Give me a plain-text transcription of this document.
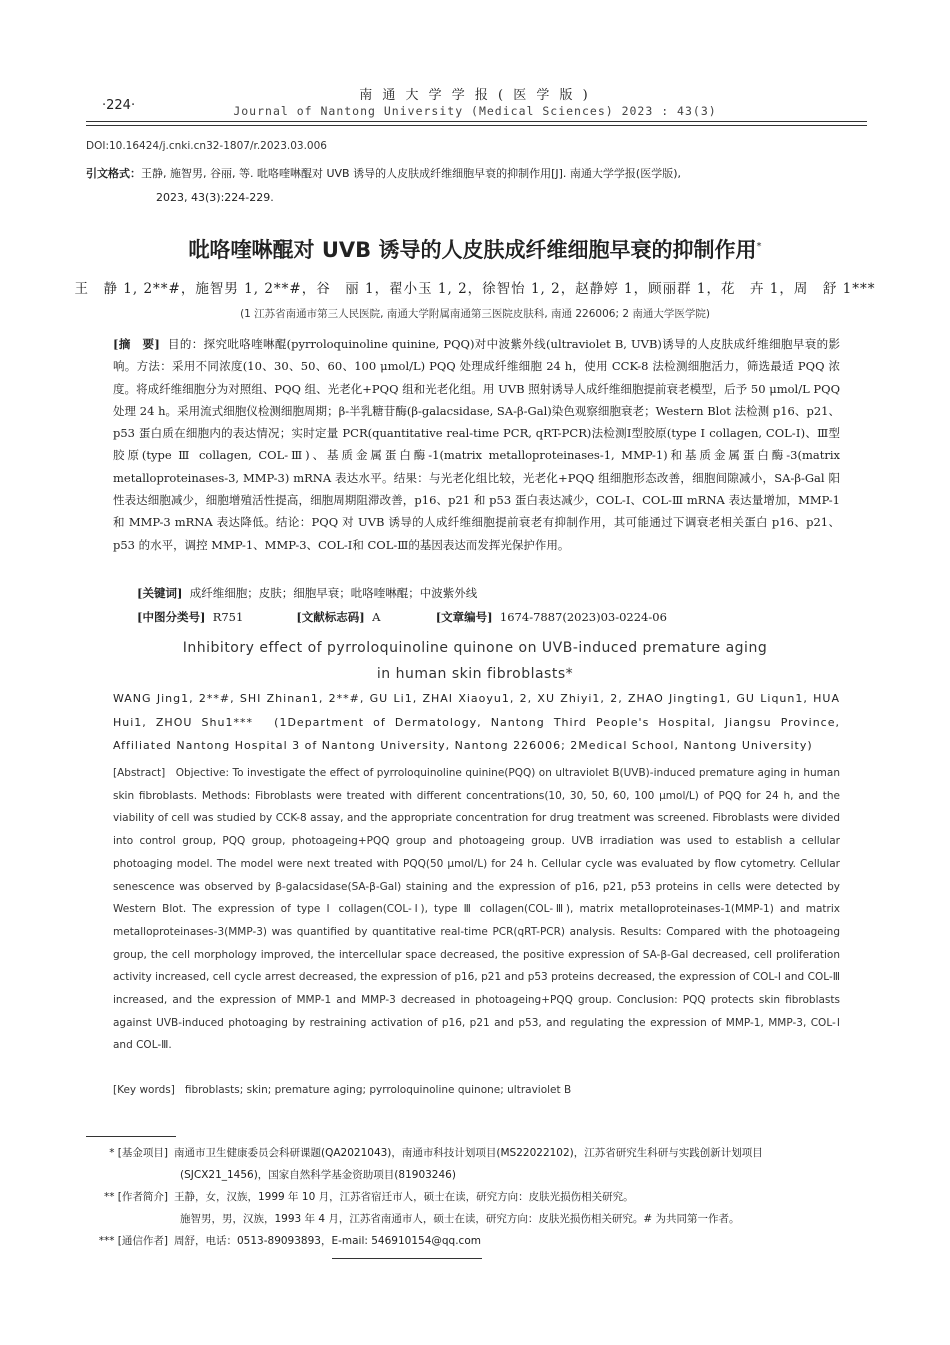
南 通 大 学 学 报 ( 医 学 版 )
·224·	Journal of Nantong University (Medical Sciences) 2023 : 43(3)
DOI:10.16424/j.cnki.cn32-1807/r.2023.03.006
引文格式：王静, 施智男, 谷丽, 等. 吡咯喹啉醌对 UVB 诱导的人皮肤成纤维细胞早衰的抑制作用[J]. 南通大学学报(医学版),
2023, 43(3):224-229.
吡咯喹啉醌对 UVB 诱导的人皮肤成纤维细胞早衰的抑制作用*
王　静 1, 2**#，施智男 1, 2**#，谷　丽 1，翟小玉 1, 2，徐智怡 1, 2，赵静婷 1，顾丽群 1，花　卉 1，周　舒 1***
(1 江苏省南通市第三人民医院, 南通大学附属南通第三医院皮肤科, 南通 226006; 2 南通大学医学院)
[摘　要] 目的：探究吡咯喹啉醌(pyrroloquinoline quinine, PQQ)对中波紫外线(ultraviolet B, UVB)诱导的人皮肤成纤维细胞早衰的影响。方法：采用不同浓度(10、30、50、60、100 μmol/L) PQQ 处理成纤维细胞 24 h，使用 CCK-8 法检测细胞活力，筛选最适 PQQ 浓度。将成纤维细胞分为对照组、PQQ 组、光老化+PQQ 组和光老化组。用 UVB 照射诱导人成纤维细胞提前衰老模型，后予 50 μmol/L PQQ 处理 24 h。采用流式细胞仪检测细胞周期；β-半乳糖苷酶(β-galacsidase, SA-β-Gal)染色观察细胞衰老；Western Blot 法检测 p16、p21、p53 蛋白质在细胞内的表达情况；实时定量 PCR(quantitative real-time PCR, qRT-PCR)法检测Ⅰ型胶原(type Ⅰ collagen, COL-Ⅰ)、Ⅲ型胶原(type Ⅲ collagen, COL-Ⅲ)、基质金属蛋白酶-1(matrix metalloproteinases-1, MMP-1)和基质金属蛋白酶-3(matrix metalloproteinases-3, MMP-3) mRNA 表达水平。结果：与光老化组比较，光老化+PQQ 组细胞形态改善，细胞间隙减小，SA-β-Gal 阳性表达细胞减少，细胞增殖活性提高，细胞周期阻滞改善，p16、p21 和 p53 蛋白表达减少，COL-Ⅰ、COL-Ⅲ mRNA 表达量增加，MMP-1 和 MMP-3 mRNA 表达降低。结论：PQQ 对 UVB 诱导的人成纤维细胞提前衰老有抑制作用，其可能通过下调衰老相关蛋白 p16、p21、p53 的水平，调控 MMP-1、MMP-3、COL-Ⅰ和 COL-Ⅲ的基因表达而发挥光保护作用。
[关键词] 成纤维细胞；皮肤；细胞早衰；吡咯喹啉醌；中波紫外线
[中图分类号] R751	[文献标志码] A	[文章编号] 1674-7887(2023)03-0224-06
Inhibitory effect of pyrroloquinoline quinone on UVB-induced premature aging
in human skin fibroblasts*
WANG Jing1, 2**#, SHI Zhinan1, 2**#, GU Li1, ZHAI Xiaoyu1, 2, XU Zhiyi1, 2, ZHAO Jingting1, GU Liqun1, HUA Hui1, ZHOU Shu1***　(1Department of Dermatology, Nantong Third People's Hospital, Jiangsu Province, Affiliated Nantong Hospital 3 of Nantong University, Nantong 226006; 2Medical School, Nantong University)
[Abstract] Objective: To investigate the effect of pyrroloquinoline quinine(PQQ) on ultraviolet B(UVB)-induced premature aging in human skin fibroblasts. Methods: Fibroblasts were treated with different concentrations(10, 30, 50, 60, 100 μmol/L) of PQQ for 24 h, and the viability of cell was studied by CCK-8 assay, and the appropriate concentration for drug treatment was screened. Fibroblasts were divided into control group, PQQ group, photoageing+PQQ group and photoageing group. UVB irradiation was used to establish a cellular photoaging model. The model were next treated with PQQ(50 μmol/L) for 24 h. Cellular cycle was evaluated by flow cytometry. Cellular senescence was observed by β-galacsidase(SA-β-Gal) staining and the expression of p16, p21, p53 proteins in cells were detected by Western Blot. The expression of type Ⅰ collagen(COL-Ⅰ), type Ⅲ collagen(COL-Ⅲ), matrix metalloproteinases-1(MMP-1) and matrix metalloproteinases-3(MMP-3) was quantified by quantitative real-time PCR(qRT-PCR) analysis. Results: Compared with the photoageing group, the cell morphology improved, the intercellular space decreased, the positive expression of SA-β-Gal decreased, cell proliferation activity increased, cell cycle arrest decreased, the expression of p16, p21 and p53 proteins decreased, the expression of COL-Ⅰ and COL-Ⅲ increased, and the expression of MMP-1 and MMP-3 decreased in photoageing+PQQ group. Conclusion: PQQ protects skin fibroblasts against UVB-induced photoaging by restraining activation of p16, p21 and p53, and regulating the expression of MMP-1, MMP-3, COL-Ⅰ and COL-Ⅲ.
[Key words] fibroblasts; skin; premature aging; pyrroloquinoline quinone; ultraviolet B
* [基金项目] 南通市卫生健康委员会科研课题(QA2021043)，南通市科技计划项目(MS22022102)，江苏省研究生科研与实践创新计划项目
(SJCX21_1456)，国家自然科学基金资助项目(81903246)
** [作者简介] 王静，女，汉族，1999 年 10 月，江苏省宿迁市人，硕士在读，研究方向：皮肤光损伤相关研究。
施智男，男，汉族，1993 年 4 月，江苏省南通市人，硕士在读，研究方向：皮肤光损伤相关研究。# 为共同第一作者。
*** [通信作者] 周舒，电话：0513-89093893，E-mail: 546910154@qq.com
